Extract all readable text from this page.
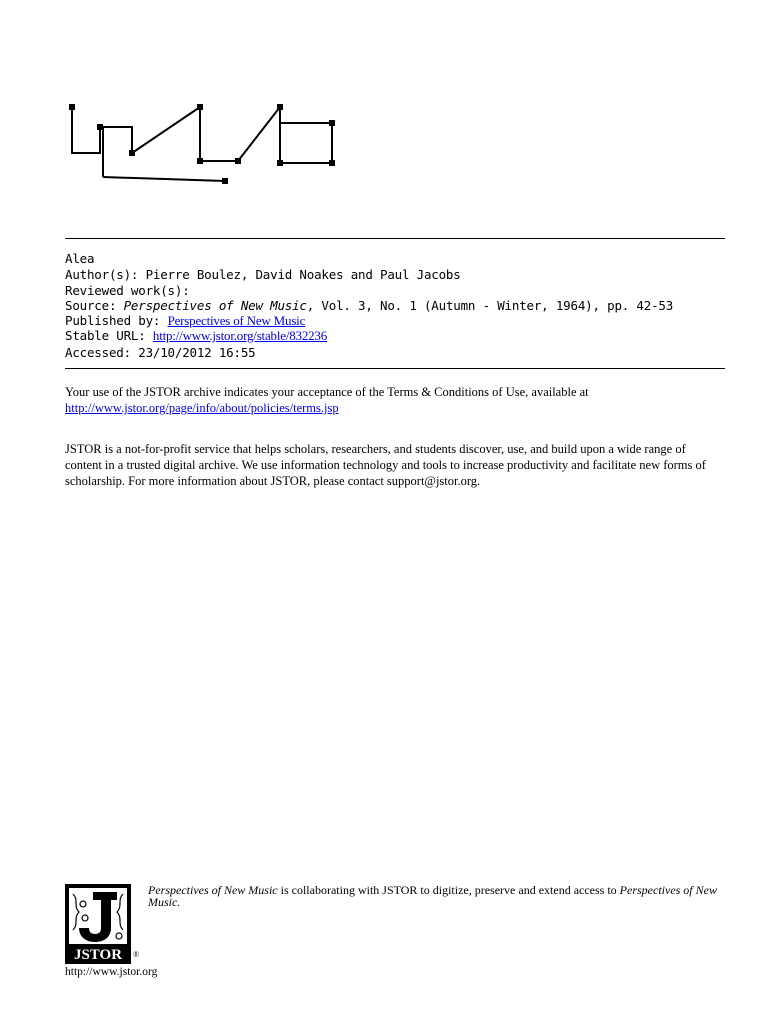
Alea
Author(s): Pierre Boulez, David Noakes and Paul Jacobs
Reviewed work(s):
Source: Perspectives of New Music, Vol. 3, No. 1 (Autumn - Winter, 1964), pp. 42-53
Published by: Perspectives of New Music
Stable URL: http://www.jstor.org/stable/832236
Accessed: 23/10/2012 16:55
Your use of the JSTOR archive indicates your acceptance of the Terms & Conditions of Use, available at
http://www.jstor.org/page/info/about/policies/terms.jsp
JSTOR is a not-for-profit service that helps scholars, researchers, and students discover, use, and build upon a wide range of content in a trusted digital archive. We use information technology and tools to increase productivity and facilitate new forms of scholarship. For more information about JSTOR, please contact support@jstor.org.
JSTOR ®
Perspectives of New Music is collaborating with JSTOR to digitize, preserve and extend access to Perspectives of New Music.
http://www.jstor.org
